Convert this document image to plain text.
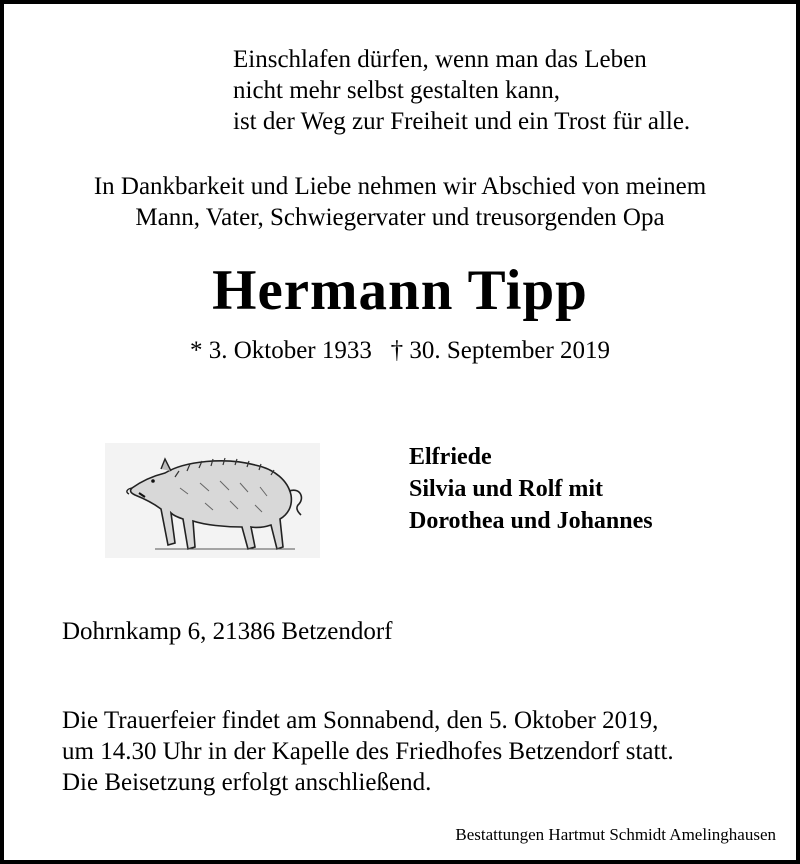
Einschlafen dürfen, wenn man das Leben
nicht mehr selbst gestalten kann,
ist der Weg zur Freiheit und ein Trost für alle.
In Dankbarkeit und Liebe nehmen wir Abschied von meinem
Mann, Vater, Schwiegervater und treusorgenden Opa
Hermann Tipp
* 3. Oktober 1933 † 30. September 2019
Elfriede
Silvia und Rolf mit
Dorothea und Johannes
Dohrnkamp 6, 21386 Betzendorf
Die Trauerfeier findet am Sonnabend, den 5. Oktober 2019,
um 14.30 Uhr in der Kapelle des Friedhofes Betzendorf statt.
Die Beisetzung erfolgt anschließend.
Bestattungen Hartmut Schmidt Amelinghausen
